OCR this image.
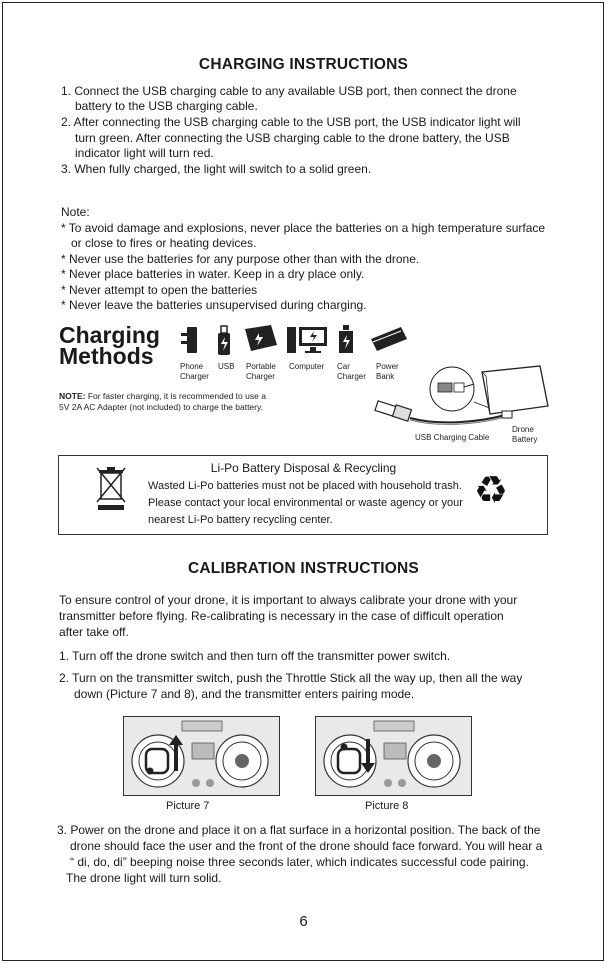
CHARGING INSTRUCTIONS
1. Connect the USB charging cable to any available USB port, then connect the drone
battery to the USB charging cable.
2. After connecting the USB charging cable to the USB port, the USB indicator light will
turn green. After connecting the USB charging cable to the drone battery, the USB
indicator light will turn red.
3. When fully charged, the light will switch to a solid green.
Note:
* To avoid damage and explosions, never place the batteries on a high temperature surface
or close to fires or heating devices.
* Never use the batteries for any purpose other than with the drone.
* Never place batteries in water. Keep in a dry place only.
* Never attempt to open the batteries
* Never leave the batteries unsupervised during charging.
Charging
Methods	Phone
Charger
USB Portable
Charger
Computer Car
Charger
Power
Bank
NOTE: For faster charging, it is recommended to use a
5V 2A AC Adapter (not included) to charge the battery.
USB Charging Cable
Drone
Battery
Li-Po Battery Disposal & Recycling
Wasted Li-Po batteries must not be placed with household trash.
Please contact your local environmental or waste agency or your
nearest Li-Po battery recycling center.
♻
CALIBRATION INSTRUCTIONS
To ensure control of your drone, it is important to always calibrate your drone with your
transmitter before flying. Re-calibrating is necessary in the case of difficult operation
after take off.
1. Turn off the drone switch and then turn off the transmitter power switch.
2. Turn on the transmitter switch, push the Throttle Stick all the way up, then all the way
down (Picture 7 and 8), and the transmitter enters pairing mode.
Picture 7	Picture 8
3. Power on the drone and place it on a flat surface in a horizontal position. The back of the
drone should face the user and the front of the drone should face forward. You will hear a
“ di, do, di” beeping noise three seconds later, which indicates successful code pairing.
The drone light will turn solid.
6
